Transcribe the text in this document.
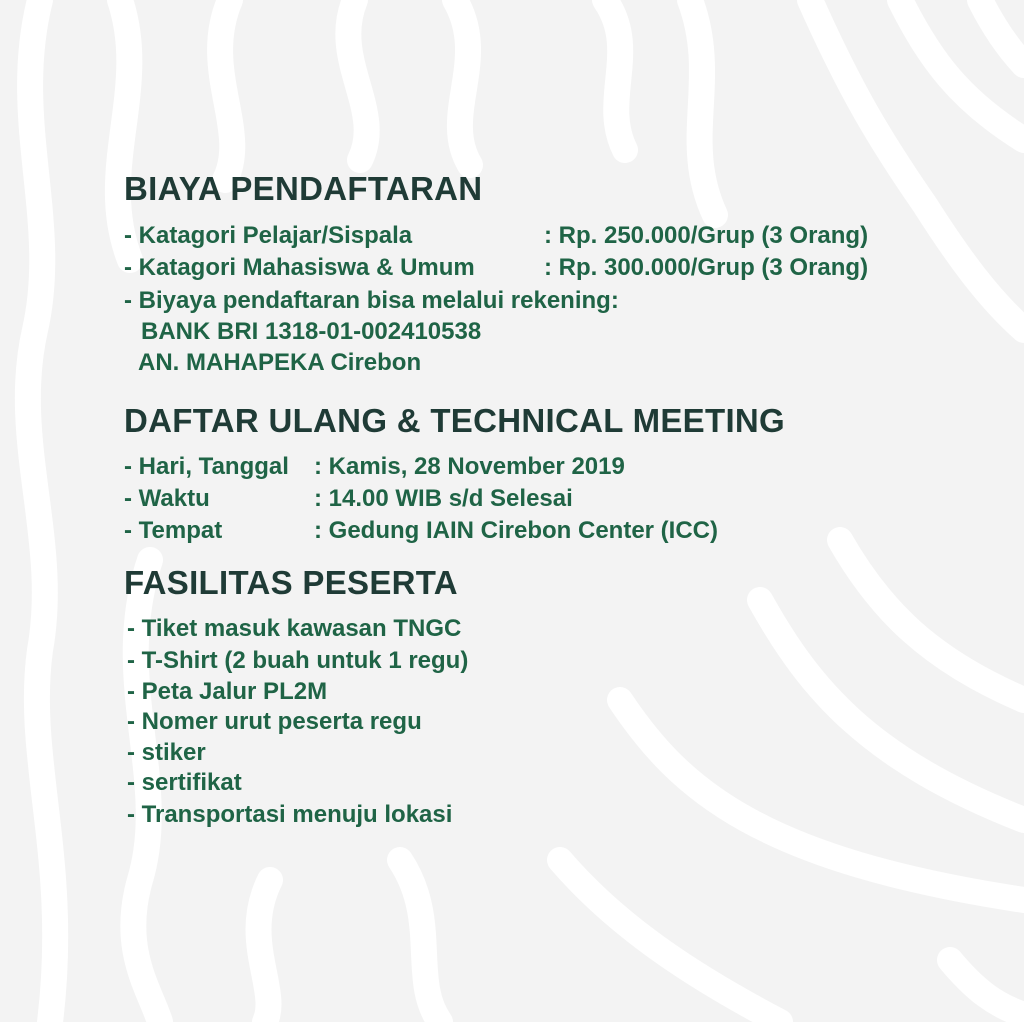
BIAYA PENDAFTARAN
- Katagori Pelajar/Sispala	: Rp. 250.000/Grup (3 Orang)
- Katagori Mahasiswa & Umum	: Rp. 300.000/Grup (3 Orang)
- Biyaya pendaftaran bisa melalui rekening:
BANK BRI 1318-01-002410538
AN. MAHAPEKA Cirebon
DAFTAR ULANG & TECHNICAL MEETING
- Hari, Tanggal : Kamis, 28 November 2019
- Waktu	: 14.00 WIB s/d Selesai
- Tempat	: Gedung IAIN Cirebon Center (ICC)
FASILITAS PESERTA
- Tiket masuk kawasan TNGC
- T-Shirt (2 buah untuk 1 regu)
- Peta Jalur PL2M
- Nomer urut peserta regu
- stiker
- sertifikat
- Transportasi menuju lokasi
